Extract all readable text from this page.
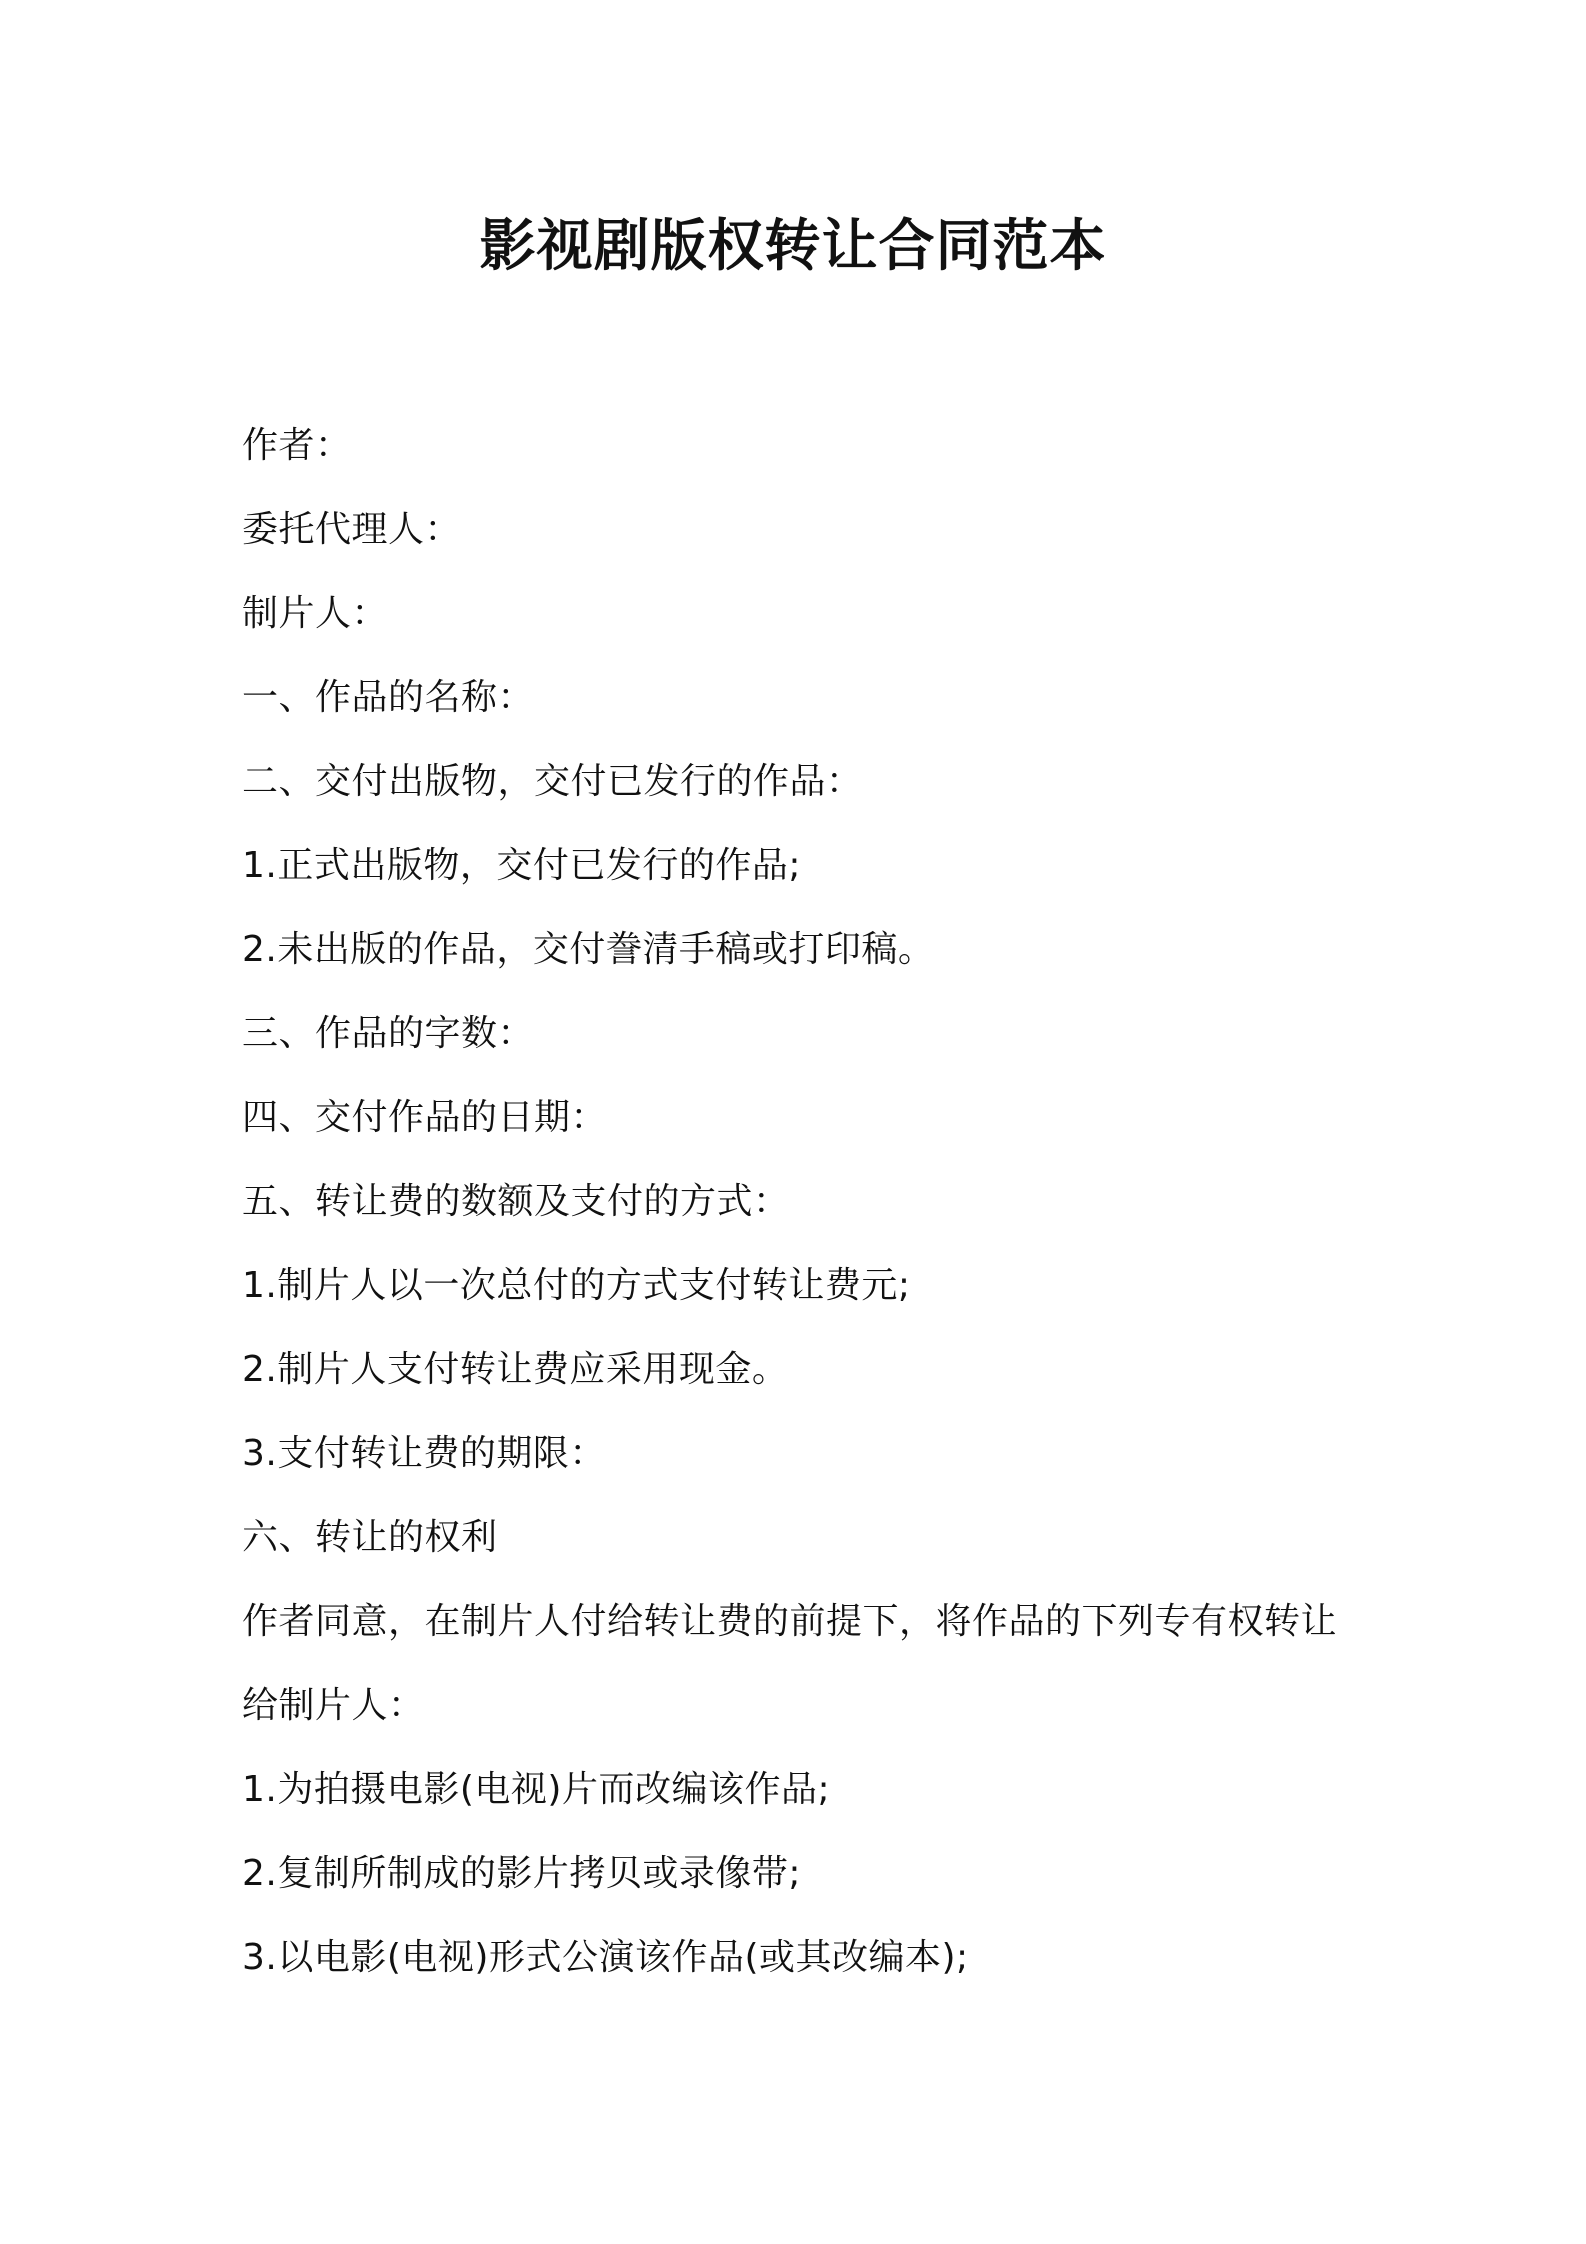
影视剧版权转让合同范本

作者：

委托代理人：

制片人：

一、作品的名称：

二、交付出版物，交付已发行的作品：

1.正式出版物，交付已发行的作品;

2.未出版的作品，交付誊清手稿或打印稿。

三、作品的字数：

四、交付作品的日期：

五、转让费的数额及支付的方式：

1.制片人以一次总付的方式支付转让费元;

2.制片人支付转让费应采用现金。

3.支付转让费的期限：

六、转让的权利

作者同意，在制片人付给转让费的前提下，将作品的下列专有权转让

给制片人：

1.为拍摄电影(电视)片而改编该作品;

2.复制所制成的影片拷贝或录像带;

3.以电影(电视)形式公演该作品(或其改编本);
